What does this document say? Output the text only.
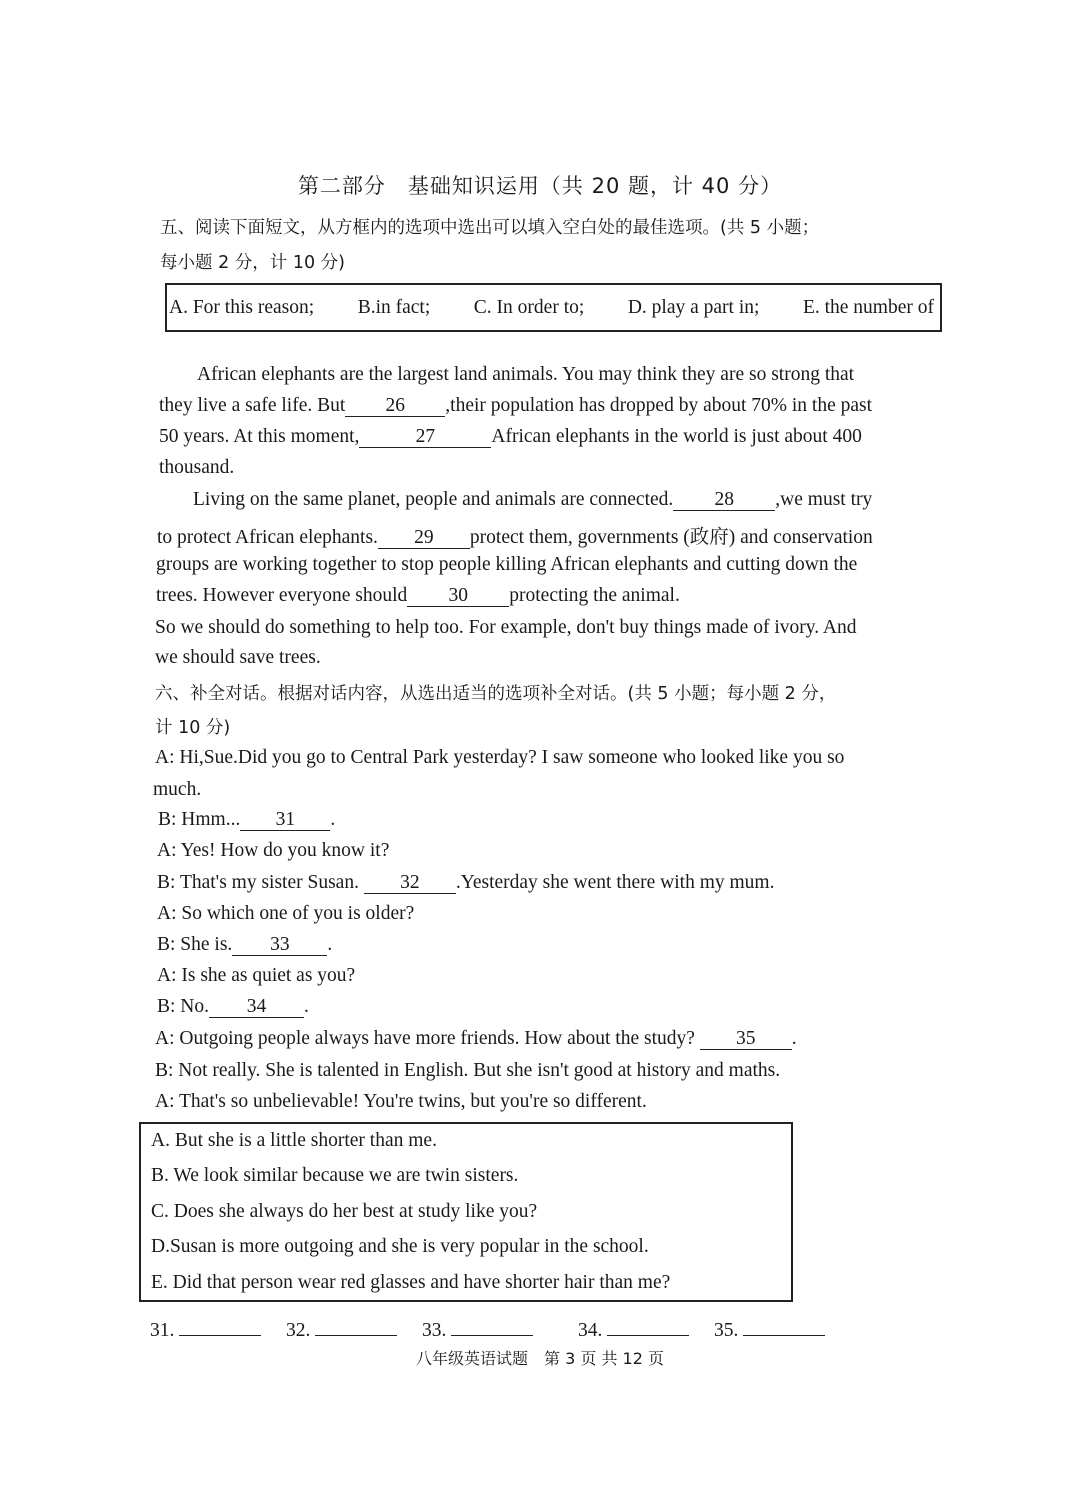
第二部分　基础知识运用（共 20 题，计 40 分）
五、阅读下面短文，从方框内的选项中选出可以填入空白处的最佳选项。(共 5 小题；
每小题 2 分，计 10 分)
A. For this reason; B.in fact; C. In order to; D. play a part in; E. the number of
African elephants are the largest land animals. You may think they are so strong that
they live a safe life. But 26 ,their population has dropped by about 70% in the past
50 years. At this moment,	27	African elephants in the world is just about 400
thousand.
Living on the same planet, people and animals are connected. 28 ,we must try
to protect African elephants. 29 protect them, governments (政府) and conservation
groups are working together to stop people killing African elephants and cutting down the
trees. However everyone should 30 protecting the animal.
So we should do something to help too. For example, don't buy things made of ivory. And
we should save trees.
六、补全对话。根据对话内容，从选出适当的选项补全对话。(共 5 小题；每小题 2 分，
计 10 分)
A: Hi,Sue.Did you go to Central Park yesterday? I saw someone who looked like you so
much.
B: Hmm... 31 .
A: Yes! How do you know it?
B: That's my sister Susan. 32 .Yesterday she went there with my mum.
A: So which one of you is older?
B: She is. 33 .
A: Is she as quiet as you?
B: No. 34 .
A: Outgoing people always have more friends. How about the study? 35 .
B: Not really. She is talented in English. But she isn't good at history and maths.
A: That's so unbelievable! You're twins, but you're so different.
A. But she is a little shorter than me.
B. We look similar because we are twin sisters.
C. Does she always do her best at study like you?
D.Susan is more outgoing and she is very popular in the school.
E. Did that person wear red glasses and have shorter hair than me?
31.	32.	33.	34.	35.
八年级英语试题　第 3 页 共 12 页
